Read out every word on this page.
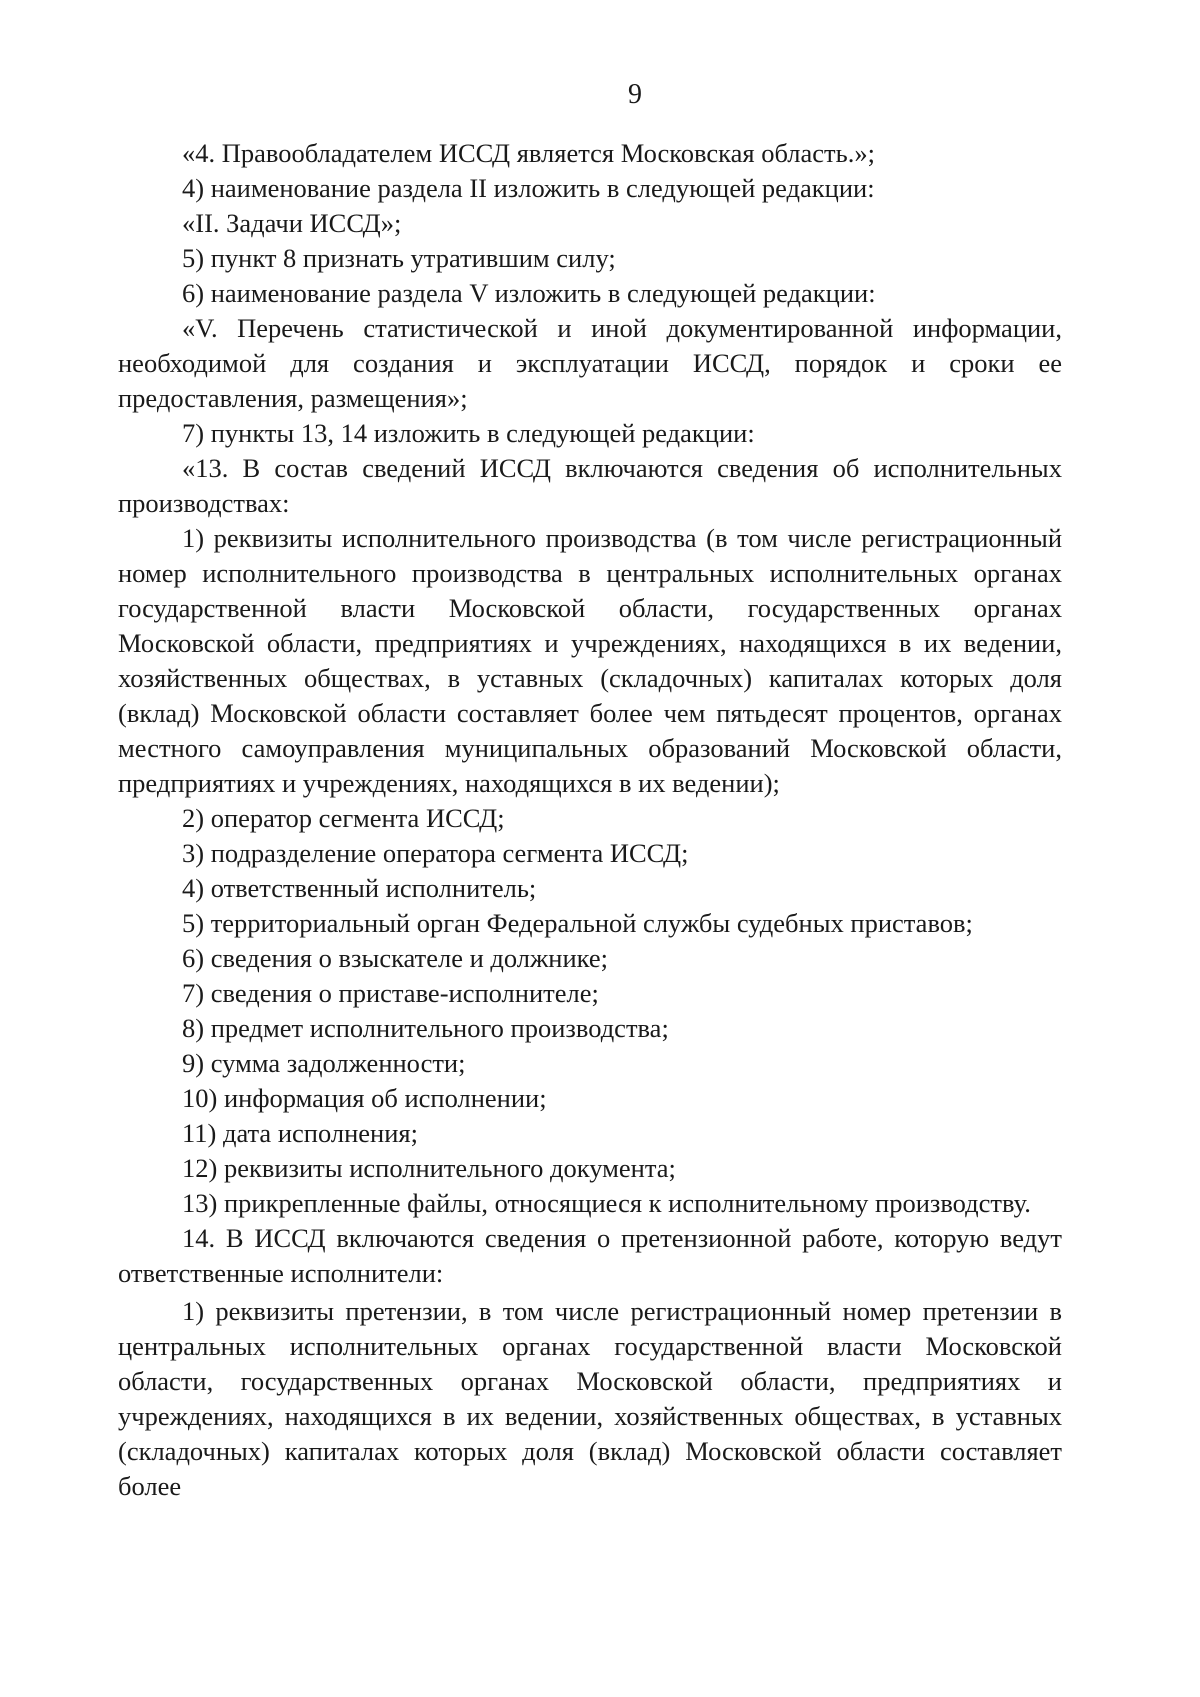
9

«4. Правообладателем ИССД является Московская область.»;

4) наименование раздела II изложить в следующей редакции:

«II. Задачи ИССД»;

5) пункт 8 признать утратившим силу;

6) наименование раздела V изложить в следующей редакции:

«V. Перечень статистической и иной документированной информации, необходимой для создания и эксплуатации ИССД, порядок и сроки ее предоставления, размещения»;

7) пункты 13, 14 изложить в следующей редакции:

«13. В состав сведений ИССД включаются сведения об исполнительных производствах:

1) реквизиты исполнительного производства (в том числе регистрационный номер исполнительного производства в центральных исполнительных органах государственной власти Московской области, государственных органах Московской области, предприятиях и учреждениях, находящихся в их ведении, хозяйственных обществах, в уставных (складочных) капиталах которых доля (вклад) Московской области составляет более чем пятьдесят процентов, органах местного самоуправления муниципальных образований Московской области, предприятиях и учреждениях, находящихся в их ведении);

2) оператор сегмента ИССД;

3) подразделение оператора сегмента ИССД;

4) ответственный исполнитель;

5) территориальный орган Федеральной службы судебных приставов;

6) сведения о взыскателе и должнике;

7) сведения о приставе-исполнителе;

8) предмет исполнительного производства;

9) сумма задолженности;

10) информация об исполнении;

11) дата исполнения;

12) реквизиты исполнительного документа;

13) прикрепленные файлы, относящиеся к исполнительному производству.

14. В ИССД включаются сведения о претензионной работе, которую ведут ответственные исполнители:

1) реквизиты претензии, в том числе регистрационный номер претензии в центральных исполнительных органах государственной власти Московской области, государственных органах Московской области, предприятиях и учреждениях, находящихся в их ведении, хозяйственных обществах, в уставных (складочных) капиталах которых доля (вклад) Московской области составляет более
